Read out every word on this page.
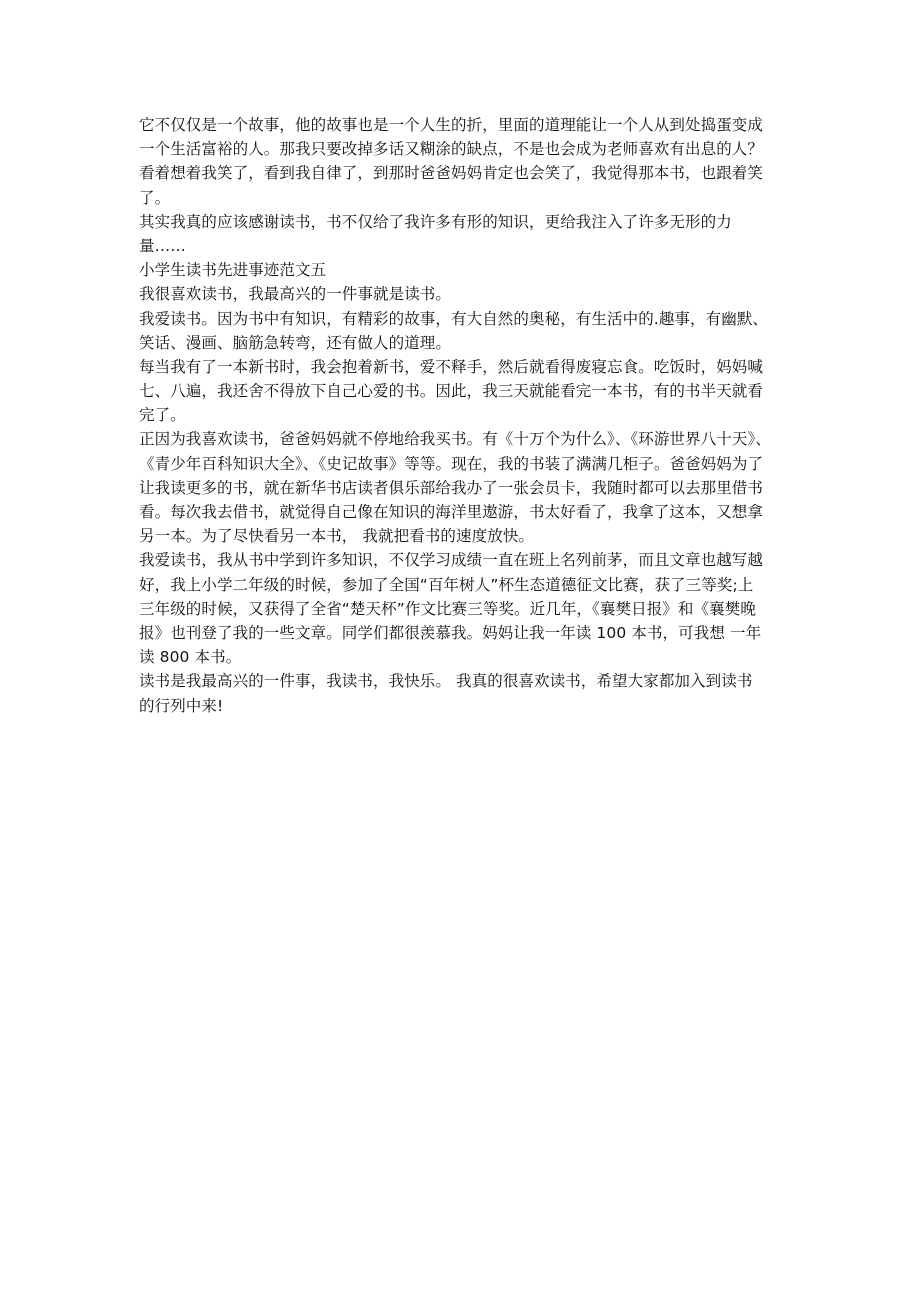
它不仅仅是一个故事，他的故事也是一个人生的折，里面的道理能让一个人从到处捣蛋变成
一个生活富裕的人。那我只要改掉多话又糊涂的缺点，不是也会成为老师喜欢有出息的人？
看着想着我笑了，看到我自律了，到那时爸爸妈妈肯定也会笑了，我觉得那本书，也跟着笑
了。
其实我真的应该感谢读书，书不仅给了我许多有形的知识，更给我注入了许多无形的力
量……
小学生读书先进事迹范文五
我很喜欢读书，我最高兴的一件事就是读书。
我爱读书。因为书中有知识，有精彩的故事，有大自然的奥秘，有生活中的.趣事，有幽默、
笑话、漫画、脑筋急转弯，还有做人的道理。
每当我有了一本新书时，我会抱着新书，爱不释手，然后就看得废寝忘食。吃饭时，妈妈喊
七、八遍，我还舍不得放下自己心爱的书。因此，我三天就能看完一本书，有的书半天就看
完了。
正因为我喜欢读书，爸爸妈妈就不停地给我买书。有《十万个为什么》、《环游世界八十天》、
《青少年百科知识大全》、《史记故事》等等。现在，我的书装了满满几柜子。爸爸妈妈为了
让我读更多的书，就在新华书店读者俱乐部给我办了一张会员卡，我随时都可以去那里借书
看。每次我去借书，就觉得自己像在知识的海洋里遨游，书太好看了，我拿了这本，又想拿
另一本。为了尽快看另一本书， 我就把看书的速度放快。
我爱读书，我从书中学到许多知识，不仅学习成绩一直在班上名列前茅，而且文章也越写越
好，我上小学二年级的时候，参加了全国“百年树人”杯生态道德征文比赛，获了三等奖;上
三年级的时候，又获得了全省“楚天杯”作文比赛三等奖。近几年，《襄樊日报》和《襄樊晚
报》也刊登了我的一些文章。同学们都很羡慕我。妈妈让我一年读 100 本书，可我想 一年
读 800 本书。
读书是我最高兴的一件事，我读书，我快乐。 我真的很喜欢读书，希望大家都加入到读书
的行列中来!
